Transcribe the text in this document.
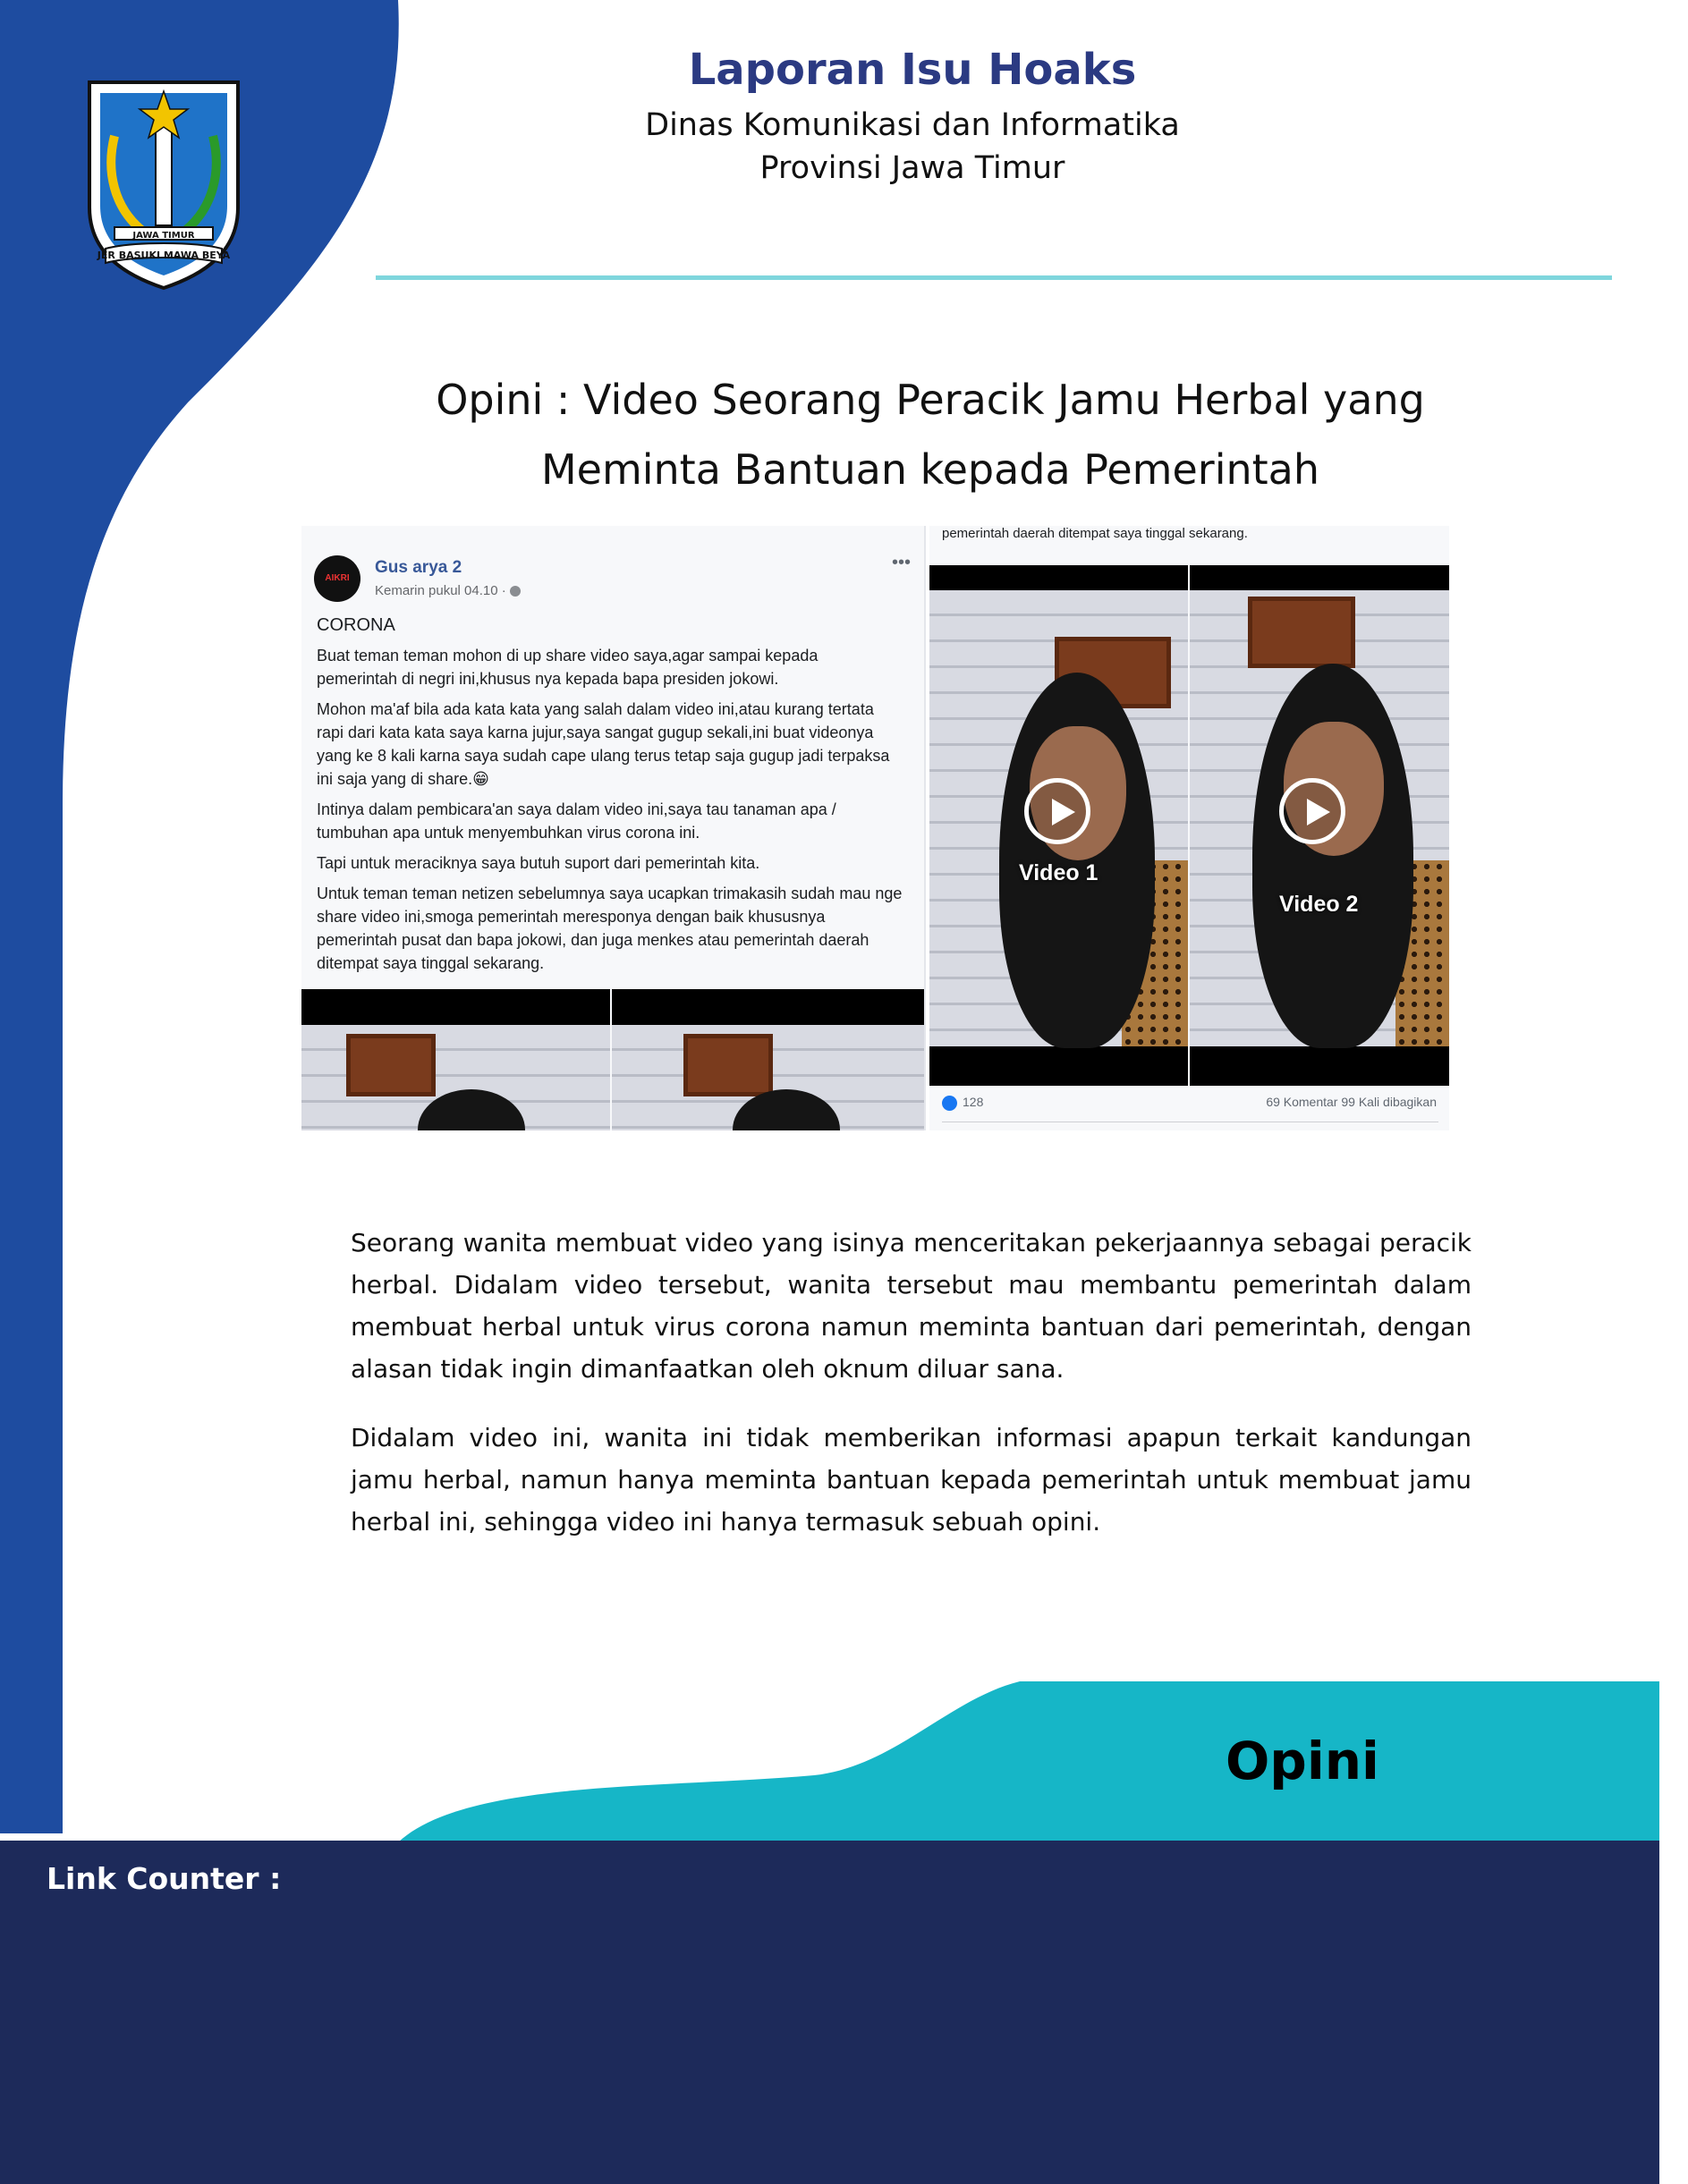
JAWA TIMUR
JER BASUKI MAWA BEYA
Laporan Isu Hoaks
Dinas Komunikasi dan Informatika
Provinsi Jawa Timur
Opini : Video Seorang Peracik Jamu Herbal yang
Meminta Bantuan kepada Pemerintah
AIKRI
Gus arya 2
Kemarin pukul 04.10 ·
•••
CORONA

Buat teman teman mohon di up share video saya,agar sampai kepada pemerintah di negri ini,khusus nya kepada bapa presiden jokowi.

Mohon ma'af bila ada kata kata yang salah dalam video ini,atau kurang tertata rapi dari kata kata saya karna jujur,saya sangat gugup sekali,ini buat videonya yang ke 8 kali karna saya sudah cape ulang terus tetap saja gugup jadi terpaksa ini saja yang di share.😁

Intinya dalam pembicara'an saya dalam video ini,saya tau tanaman apa / tumbuhan apa untuk menyembuhkan virus corona ini.

Tapi untuk meraciknya saya butuh suport dari pemerintah kita.

Untuk teman teman netizen sebelumnya saya ucapkan trimakasih sudah mau nge share video ini,smoga pemerintah meresponya dengan baik khususnya pemerintah pusat dan bapa jokowi, dan juga menkes atau pemerintah daerah ditempat saya tinggal sekarang.

pemerintah daerah ditempat saya tinggal sekarang.
Video 1
Video 2
128	69 Komentar 99 Kali dibagikan
Seorang wanita membuat video yang isinya menceritakan pekerjaannya sebagai peracik herbal. Didalam video tersebut, wanita tersebut mau membantu pemerintah dalam membuat herbal untuk virus corona namun meminta bantuan dari pemerintah, dengan alasan tidak ingin dimanfaatkan oleh oknum diluar sana.
Didalam video ini, wanita ini tidak memberikan informasi apapun terkait kandungan jamu herbal, namun hanya meminta bantuan kepada pemerintah untuk membuat jamu herbal ini, sehingga video ini hanya termasuk sebuah opini.
Opini
Link Counter :
